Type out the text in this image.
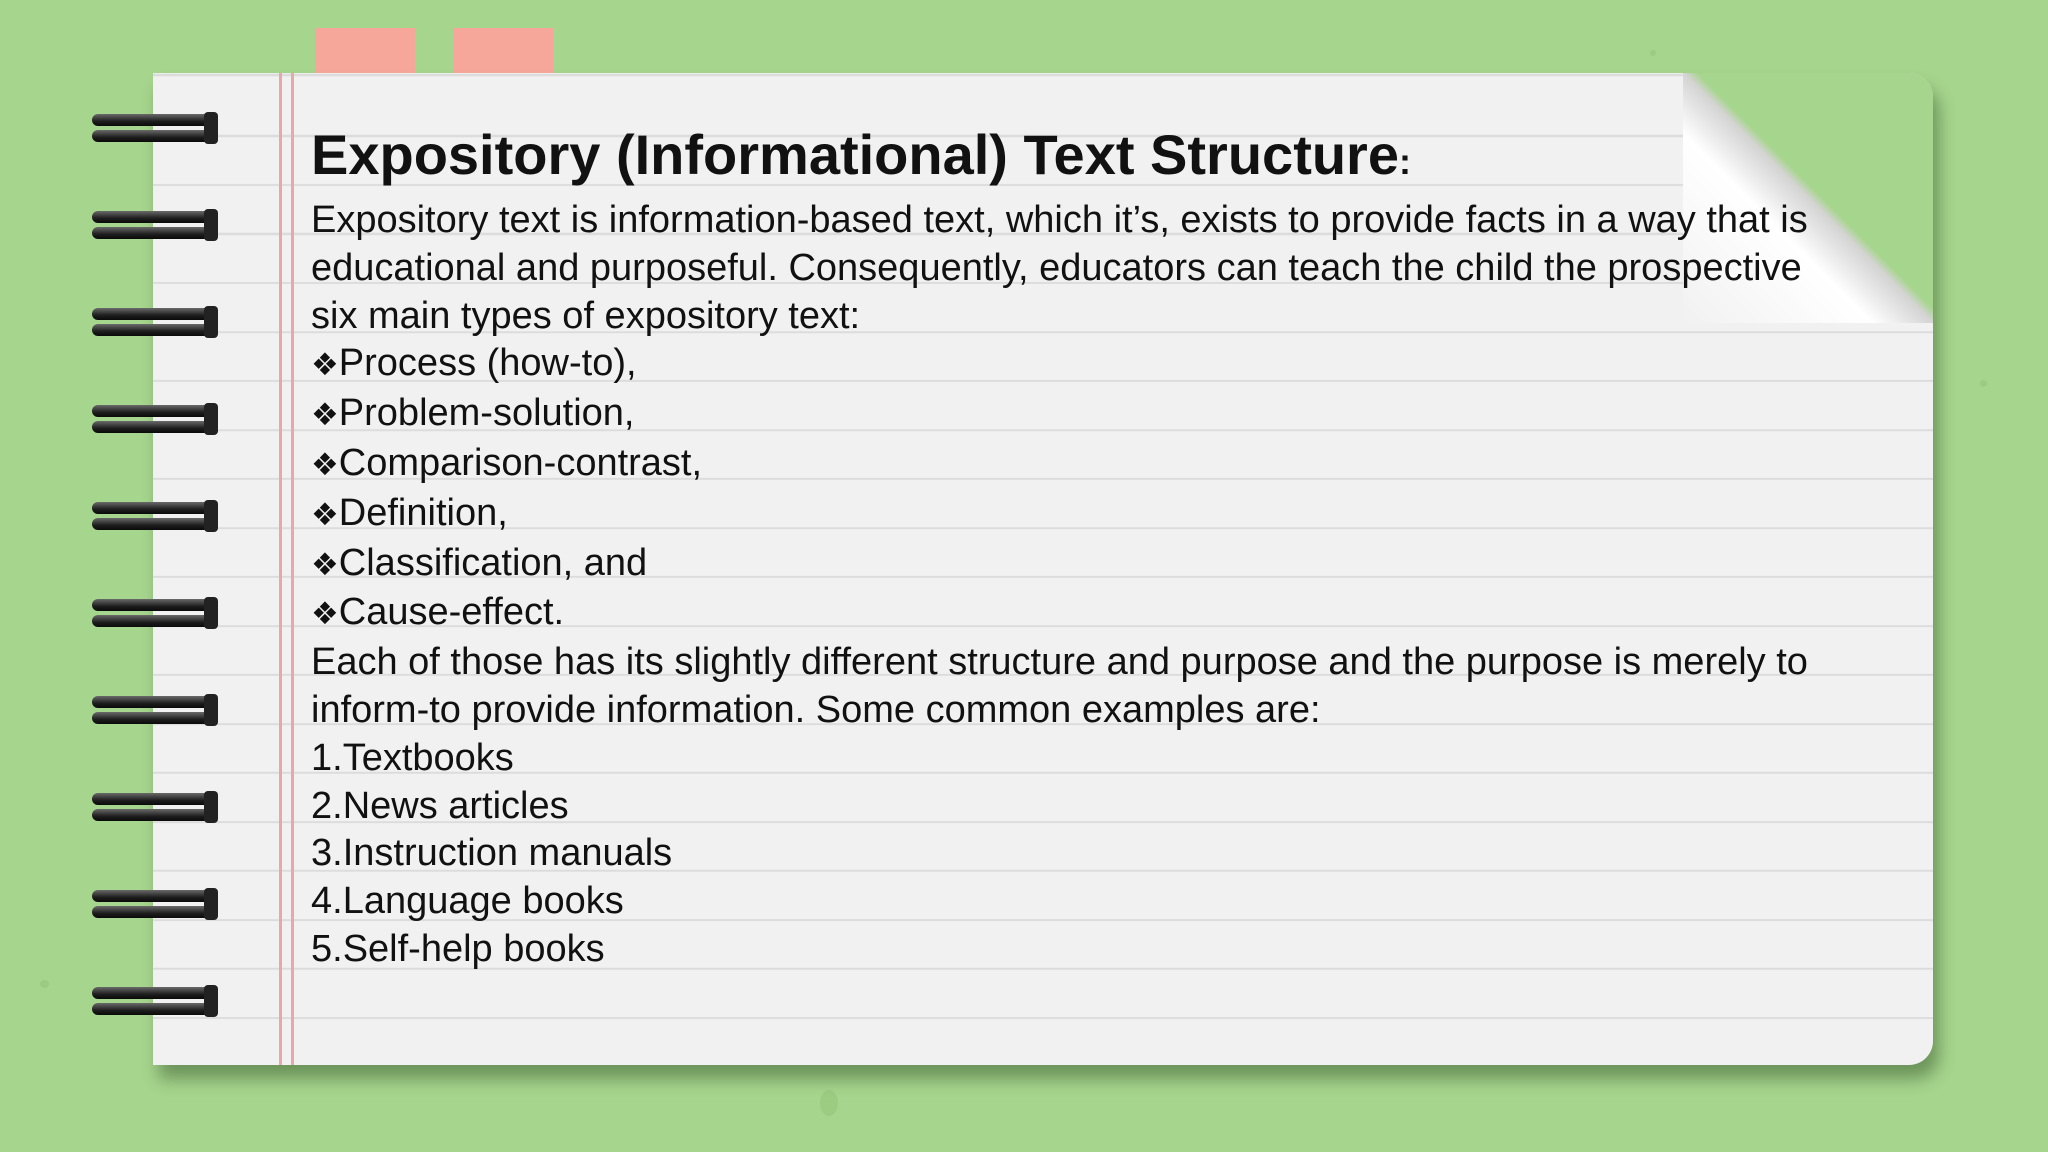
Expository (Informational) Text Structure:
Expository text is information-based text, which it’s, exists to provide facts in a way that is
educational and purposeful. Consequently, educators can teach the child the prospective
six main types of expository text:
❖Process (how-to),
❖Problem-solution,
❖Comparison-contrast,
❖Definition,
❖Classification, and
❖Cause-effect.
Each of those has its slightly different structure and purpose and the purpose is merely to
inform-to provide information. Some common examples are:
1.Textbooks
2.News articles
3.Instruction manuals
4.Language books
5.Self-help books
